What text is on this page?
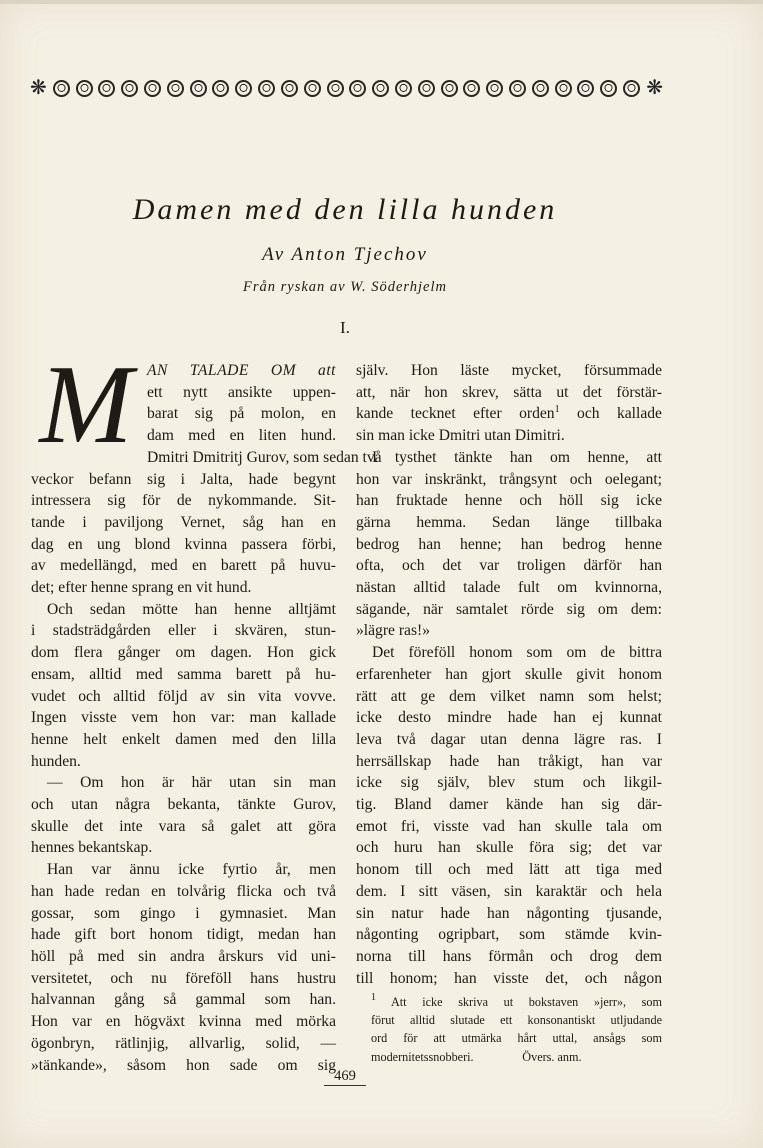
❋	❋
Damen med den lilla hunden

Av Anton Tjechov

Från ryskan av W. Söderhjelm

I.

M AN TALADE OM att
ett nytt ansikte uppen-
barat sig på molon, en
dam med en liten hund.

Dmitri Dmitritj Gurov, som sedan två
veckor befann sig i Jalta, hade begynt
intressera sig för de nykommande. Sit-
tande i paviljong Vernet, såg han en
dag en ung blond kvinna passera förbi,
av medellängd, med en barett på huvu-
det; efter henne sprang en vit hund.

Och sedan mötte han henne alltjämt
i stadsträdgården eller i skvären, stun-
dom flera gånger om dagen. Hon gick
ensam, alltid med samma barett på hu-
vudet och alltid följd av sin vita vovve.
Ingen visste vem hon var: man kallade
henne helt enkelt damen med den lilla
hunden.

— Om hon är här utan sin man
och utan några bekanta, tänkte Gurov,
skulle det inte vara så galet att göra
hennes bekantskap.

Han var ännu icke fyrtio år, men
han hade redan en tolvårig flicka och två
gossar, som gingo i gymnasiet. Man
hade gift bort honom tidigt, medan han
höll på med sin andra årskurs vid uni-
versitetet, och nu föreföll hans hustru
halvannan gång så gammal som han.
Hon var en högväxt kvinna med mörka
ögonbryn, rätlinjig, allvarlig, solid, —
»tänkande», såsom hon sade om sig

själv. Hon läste mycket, försummade
att, när hon skrev, sätta ut det förstär-
kande tecknet efter orden$^1$ och kallade
sin man icke Dmitri utan Dimitri.

I tysthet tänkte han om henne, att
hon var inskränkt, trångsynt och oelegant;
han fruktade henne och höll sig icke
gärna hemma. Sedan länge tillbaka
bedrog han henne; han bedrog henne
ofta, och det var troligen därför han
nästan alltid talade fult om kvinnorna,
sägande, när samtalet rörde sig om dem:
»lägre ras!»

Det föreföll honom som om de bittra
erfarenheter han gjort skulle givit honom
rätt att ge dem vilket namn som helst;
icke desto mindre hade han ej kunnat
leva två dagar utan denna lägre ras. I
herrsällskap hade han tråkigt, han var
icke sig själv, blev stum och likgil-
tig. Bland damer kände han sig där-
emot fri, visste vad han skulle tala om
och huru han skulle föra sig; det var
honom till och med lätt att tiga med
dem. I sitt väsen, sin karaktär och hela
sin natur hade han någonting tjusande,
någonting ogripbart, som stämde kvin-
norna till hans förmån och drog dem
till honom; han visste det, och någon

$^1$ Att icke skriva ut bokstaven »jerr», som
förut alltid slutade ett konsonantiskt utljudande
ord för att utmärka hårt uttal, ansågs som
modernitetssnobberi.                Övers. anm.

469
